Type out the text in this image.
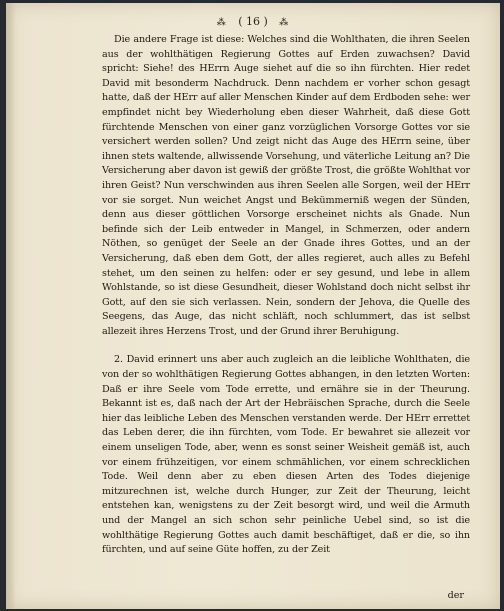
⁂ ( 16 ) ⁂

Die andere Frage ist diese: Welches sind die Wohlthaten, die ihren Seelen aus der wohlthätigen Regierung Gottes auf Erden zuwachsen? David spricht: Siehe! des HErrn Auge siehet auf die so ihn fürchten. Hier redet David mit besonderm Nachdruck. Denn nachdem er vorher schon gesagt hatte, daß der HErr auf aller Menschen Kinder auf dem Erdboden sehe: wer empfindet nicht bey Wiederholung eben dieser Wahrheit, daß diese Gott fürchtende Menschen von einer ganz vorzüglichen Vorsorge Gottes vor sie versichert werden sollen? Und zeigt nicht das Auge des HErrn seine, über ihnen stets waltende, allwissende Vorsehung, und väterliche Leitung an? Die Versicherung aber davon ist gewiß der größte Trost, die größte Wohlthat vor ihren Geist? Nun verschwinden aus ihren Seelen alle Sorgen, weil der HErr vor sie sorget. Nun weichet Angst und Bekümmerniß wegen der Sünden, denn aus dieser göttlichen Vorsorge erscheinet nichts als Gnade. Nun befinde sich der Leib entweder in Mangel, in Schmerzen, oder andern Nöthen, so genüget der Seele an der Gnade ihres Gottes, und an der Versicherung, daß eben dem Gott, der alles regieret, auch alles zu Befehl stehet, um den seinen zu helfen: oder er sey gesund, und lebe in allem Wohlstande, so ist diese Gesundheit, dieser Wohlstand doch nicht selbst ihr Gott, auf den sie sich verlassen. Nein, sondern der Jehova, die Quelle des Seegens, das Auge, das nicht schläft, noch schlummert, das ist selbst allezeit ihres Herzens Trost, und der Grund ihrer Beruhigung.

2. David erinnert uns aber auch zugleich an die leibliche Wohlthaten, die von der so wohlthätigen Regierung Gottes abhangen, in den letzten Worten: Daß er ihre Seele vom Tode errette, und ernähre sie in der Theurung. Bekannt ist es, daß nach der Art der Hebräischen Sprache, durch die Seele hier das leibliche Leben des Menschen verstanden werde. Der HErr errettet das Leben derer, die ihn fürchten, vom Tode. Er bewahret sie allezeit vor einem unseligen Tode, aber, wenn es sonst seiner Weisheit gemäß ist, auch vor einem frühzeitigen, vor einem schmählichen, vor einem schrecklichen Tode. Weil denn aber zu eben diesen Arten des Todes diejenige mitzurechnen ist, welche durch Hunger, zur Zeit der Theurung, leicht entstehen kan, wenigstens zu der Zeit besorgt wird, und weil die Armuth und der Mangel an sich schon sehr peinliche Uebel sind, so ist die wohlthätige Regierung Gottes auch damit beschäftiget, daß er die, so ihn fürchten, und auf seine Güte hoffen, zu der Zeit

der
